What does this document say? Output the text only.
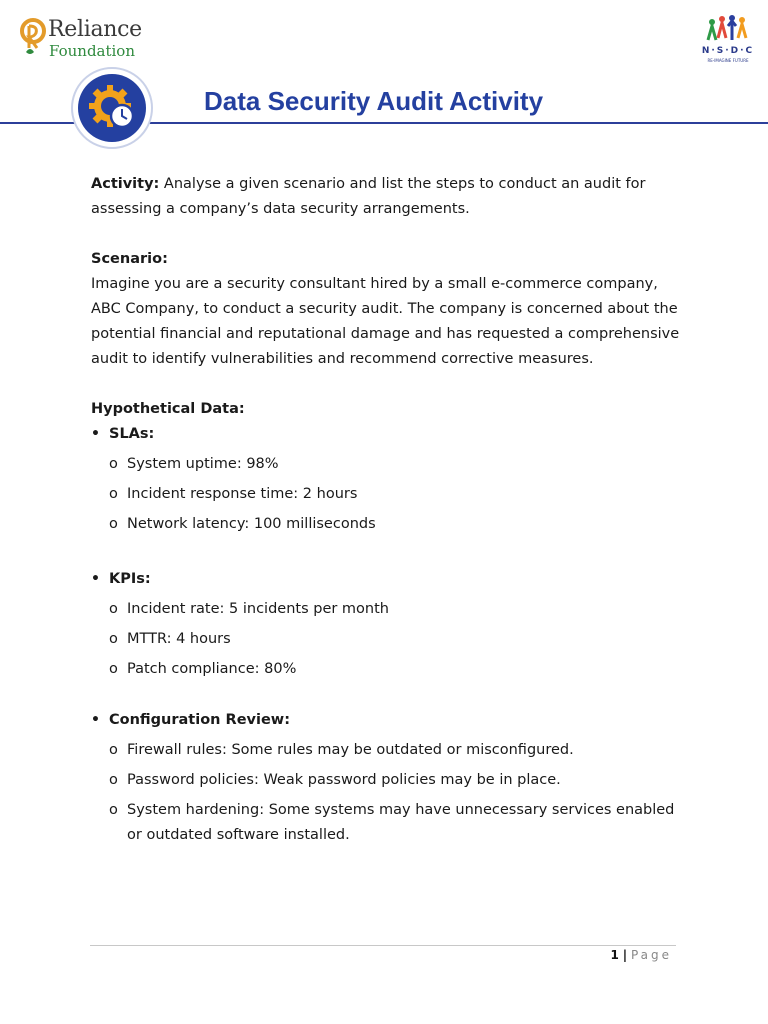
Reliance
Foundation	N·S·D·C
RE-IMAGINE FUTURE
Data Security Audit Activity

Activity: Analyse a given scenario and list the steps to conduct an audit for assessing a company’s data security arrangements.

Scenario:

Imagine you are a security consultant hired by a small e-commerce company, ABC Company, to conduct a security audit. The company is concerned about the potential financial and reputational damage and has requested a comprehensive audit to identify vulnerabilities and recommend corrective measures.

Hypothetical Data:

• SLAs:
o System uptime: 98%
o Incident response time: 2 hours
o Network latency: 100 milliseconds
• KPIs:
o Incident rate: 5 incidents per month
o MTTR: 4 hours
o Patch compliance: 80%
• Configuration Review:
o Firewall rules: Some rules may be outdated or misconfigured.
o Password policies: Weak password policies may be in place.
o System hardening: Some systems may have unnecessary services enabled or outdated software installed.
1 | Page
